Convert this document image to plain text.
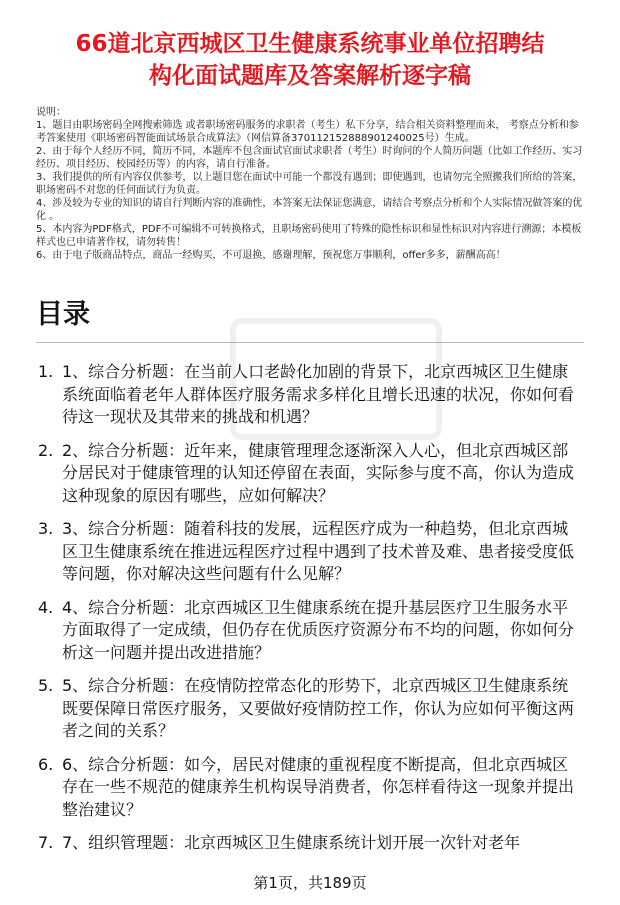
66道北京西城区卫生健康系统事业单位招聘结
构化面试题库及答案解析逐字稿

说明：

1、题目由职场密码全网搜索筛选 或者职场密码服务的求职者（考生）私下分享，结合相关资料整理而来， 考察点分析和参考答案使用《职场密码智能面试场景合成算法》（网信算备370112152888901240025号）生成。

2、由于每个人经历不同，简历不同，本题库不包含面试官面试求职者（考生）时询问的个人简历问题（比如工作经历、实习经历、项目经历、校园经历等）的内容，请自行准备。

3、我们提供的所有内容仅供参考，以上题目您在面试中可能一个都没有遇到；即使遇到，也请勿完全照搬我们所给的答案，职场密码不对您的任何面试行为负责。

4、涉及较为专业的知识的请自行判断内容的准确性，本答案无法保证您满意，请结合考察点分析和个人实际情况做答案的优化 。

5、本内容为PDF格式，PDF不可编辑不可转换格式，且职场密码使用了特殊的隐性标识和显性标识对内容进行溯源；本模板样式也已申请著作权，请勿转售！

6、由于电子版商品特点，商品一经购买，不可退换，感谢理解，预祝您万事顺利，offer多多，薪酬高高！

目录
1. 1、综合分析题：在当前人口老龄化加剧的背景下，北京西城区卫生健康系统面临着老年人群体医疗服务需求多样化且增长迅速的状况，你如何看待这一现状及其带来的挑战和机遇？
2. 2、综合分析题：近年来，健康管理理念逐渐深入人心，但北京西城区部分居民对于健康管理的认知还停留在表面，实际参与度不高，你认为造成这种现象的原因有哪些，应如何解决？
3. 3、综合分析题：随着科技的发展，远程医疗成为一种趋势，但北京西城区卫生健康系统在推进远程医疗过程中遇到了技术普及难、患者接受度低等问题，你对解决这些问题有什么见解？
4. 4、综合分析题：北京西城区卫生健康系统在提升基层医疗卫生服务水平方面取得了一定成绩，但仍存在优质医疗资源分布不均的问题，你如何分析这一问题并提出改进措施？
5. 5、综合分析题：在疫情防控常态化的形势下，北京西城区卫生健康系统既要保障日常医疗服务，又要做好疫情防控工作，你认为应如何平衡这两者之间的关系？
6. 6、综合分析题：如今，居民对健康的重视程度不断提高，但北京西城区存在一些不规范的健康养生机构误导消费者，你怎样看待这一现象并提出整治建议？
7. 7、组织管理题：北京西城区卫生健康系统计划开展一次针对老年
第1页，共189页
